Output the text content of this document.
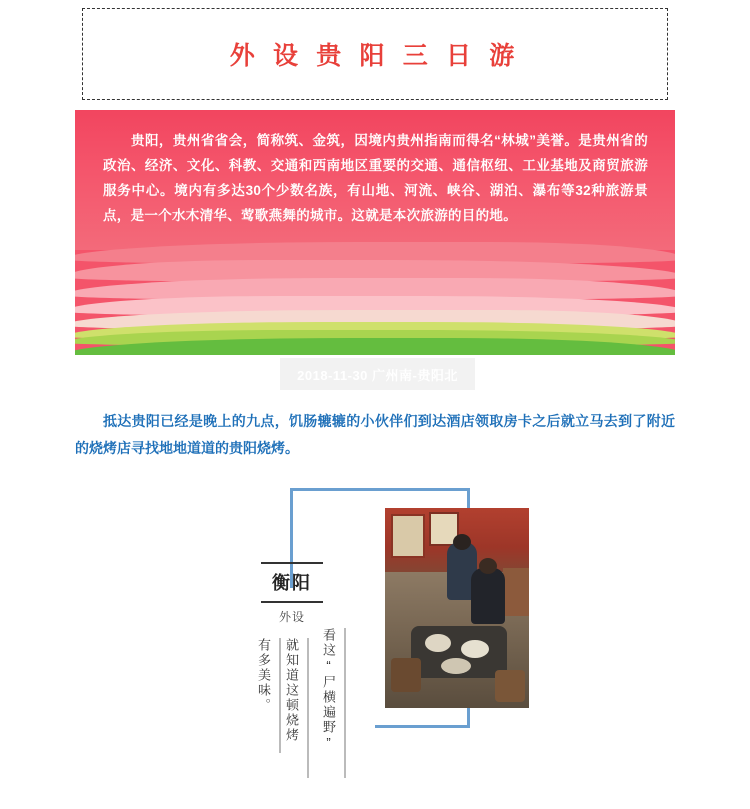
外 设 贵 阳 三 日 游
贵阳，贵州省省会，简称筑、金筑，因境内贵州指南而得名“林城”美誉。是贵州省的政治、经济、文化、科教、交通和西南地区重要的交通、通信枢纽、工业基地及商贸旅游服务中心。境内有多达30个少数名族，有山地、河流、峡谷、湖泊、瀑布等32种旅游景点，是一个水木清华、莺歌燕舞的城市。这就是本次旅游的目的地。
2018-11-30 广州南-贵阳北
抵达贵阳已经是晚上的九点，饥肠辘辘的小伙伴们到达酒店领取房卡之后就立马去到了附近的烧烤店寻找地地道道的贵阳烧烤。
衡阳
外设
有多美味。	就知道这顿烧烤	看这“尸横遍野”
